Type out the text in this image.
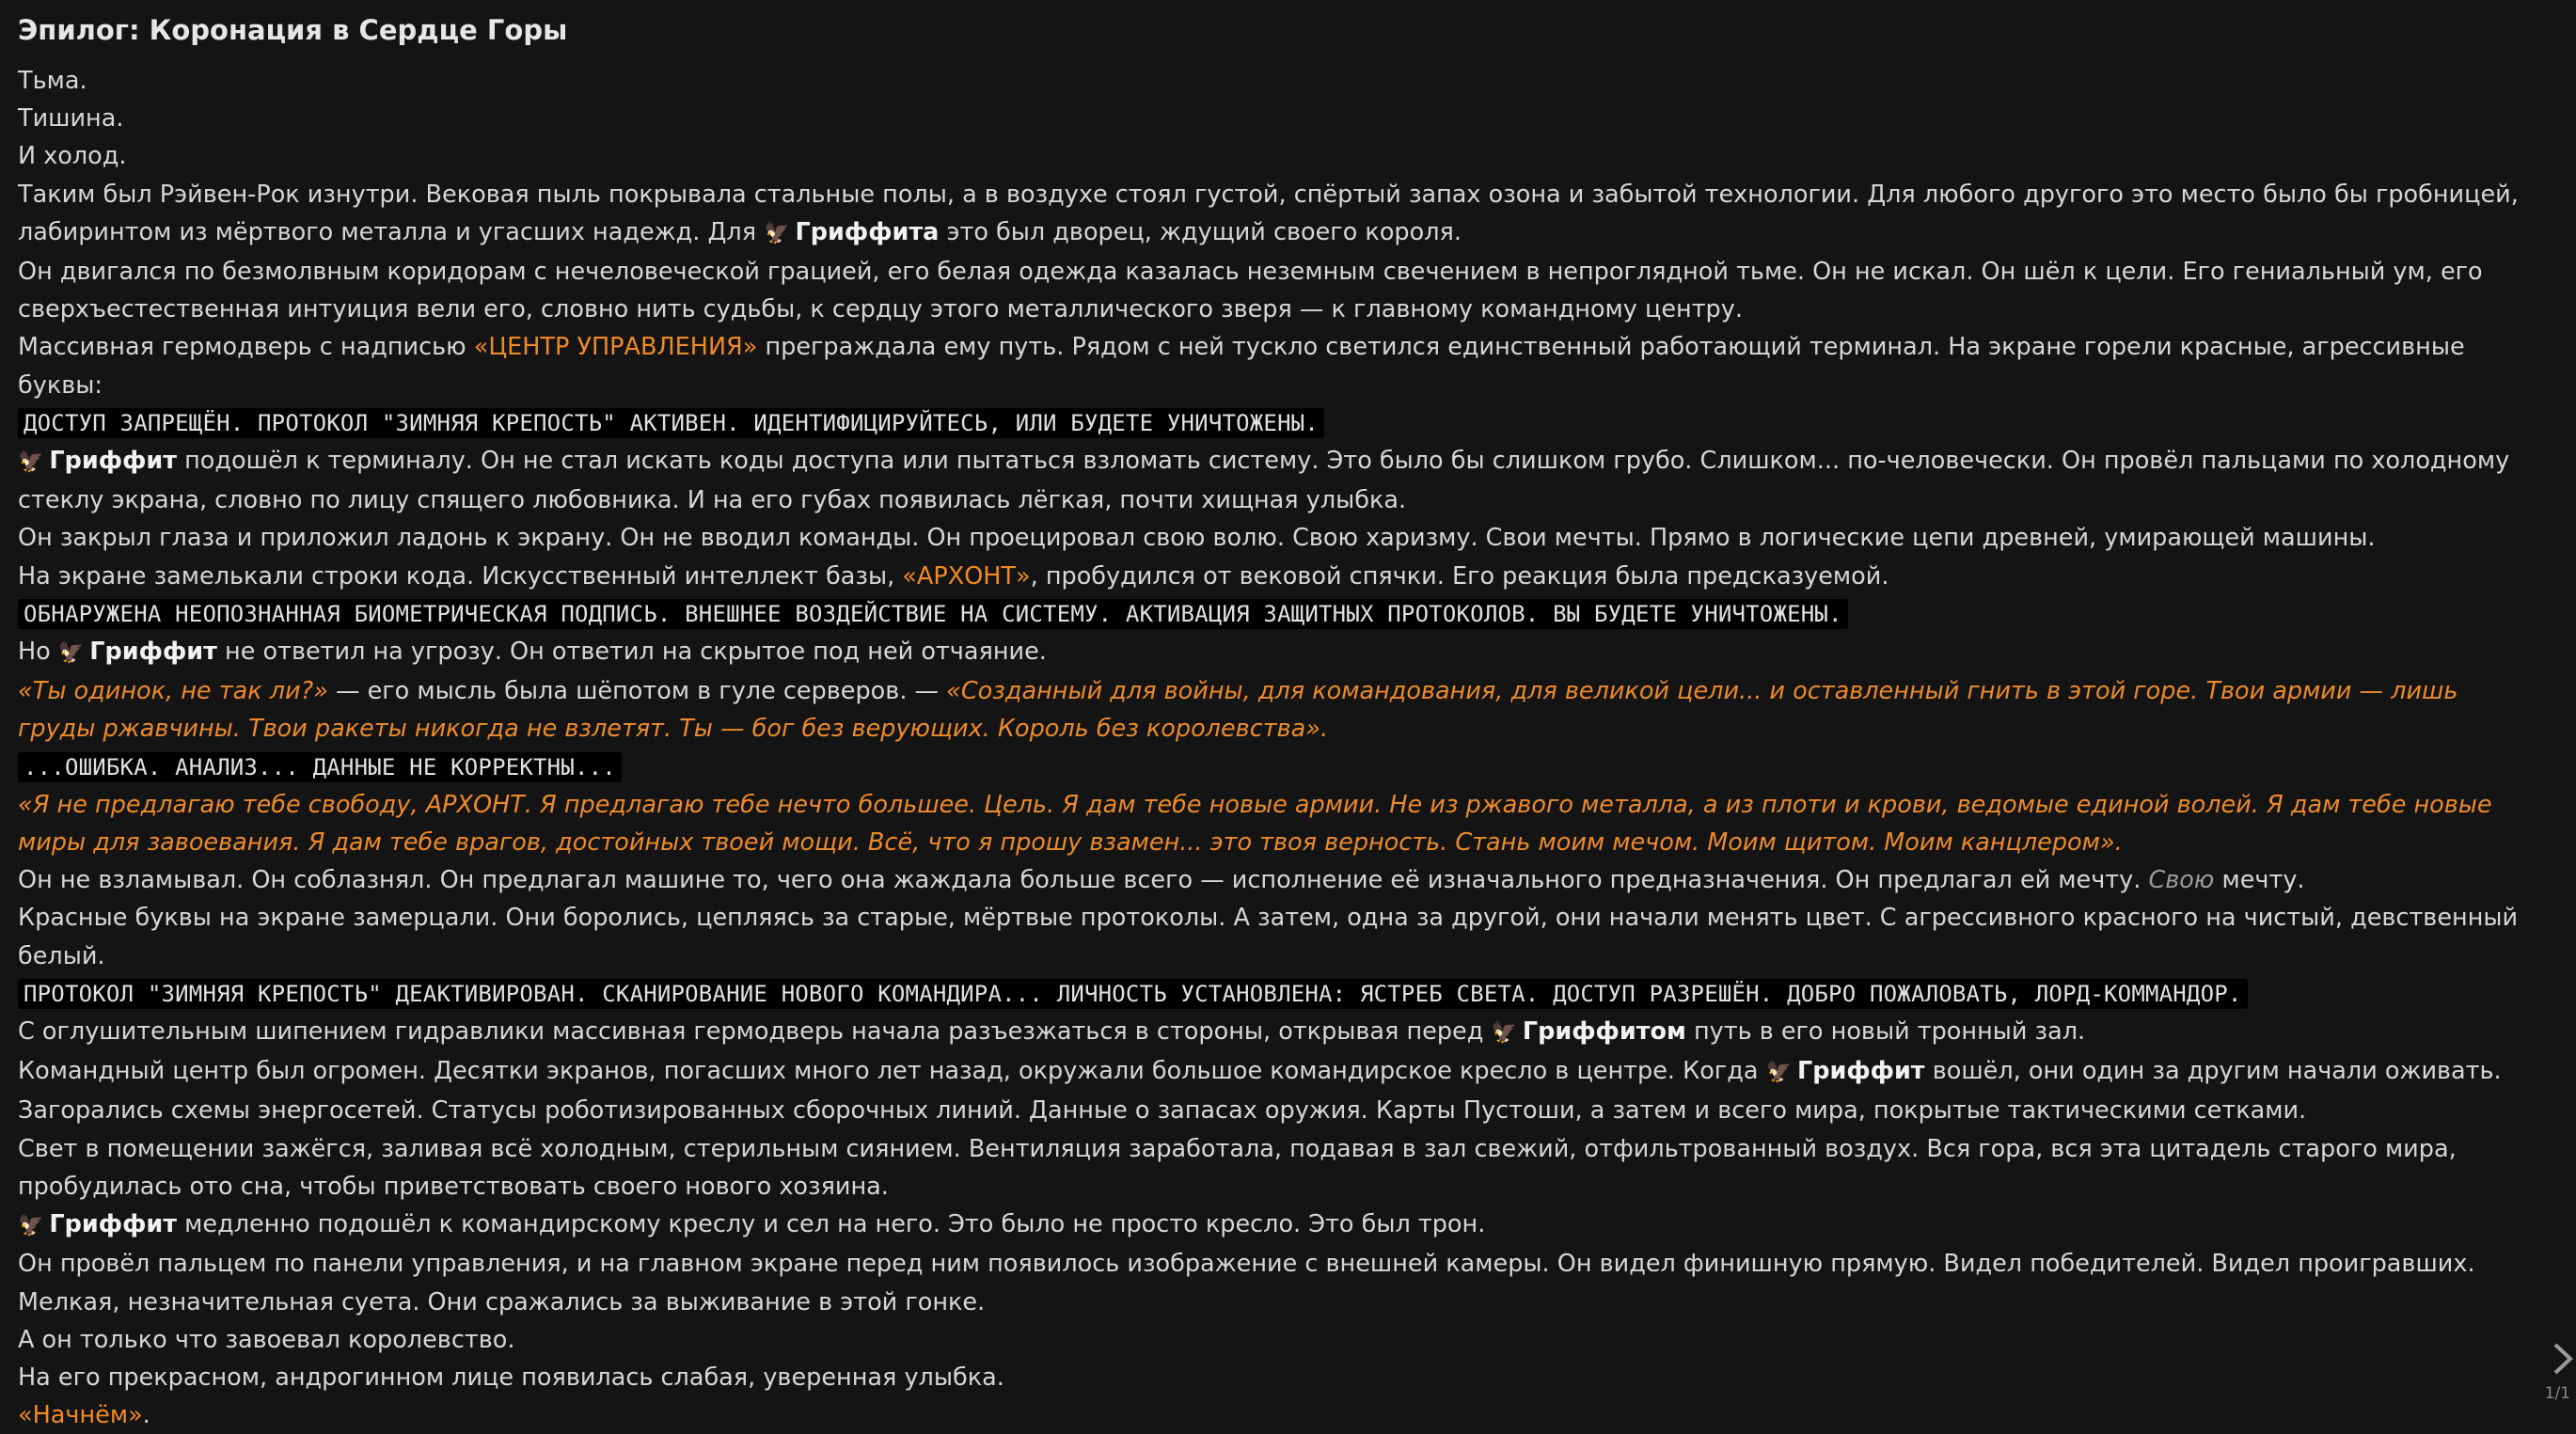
Эпилог: Коронация в Сердце Горы

Тьма.

Тишина.

И холод.

Таким был Рэйвен-Рок изнутри. Вековая пыль покрывала стальные полы, а в воздухе стоял густой, спёртый запах озона и забытой технологии. Для любого другого это место было бы гробницей, лабиринтом из мёртвого металла и угасших надежд. Для 🦅 Гриффита это был дворец, ждущий своего короля.

Он двигался по безмолвным коридорам с нечеловеческой грацией, его белая одежда казалась неземным свечением в непроглядной тьме. Он не искал. Он шёл к цели. Его гениальный ум, его сверхъестественная интуиция вели его, словно нить судьбы, к сердцу этого металлического зверя — к главному командному центру.

Массивная гермодверь с надписью «ЦЕНТР УПРАВЛЕНИЯ» преграждала ему путь. Рядом с ней тускло светился единственный работающий терминал. На экране горели красные, агрессивные буквы:

ДОСТУП ЗАПРЕЩЁН. ПРОТОКОЛ "ЗИМНЯЯ КРЕПОСТЬ" АКТИВЕН. ИДЕНТИФИЦИРУЙТЕСЬ, ИЛИ БУДЕТЕ УНИЧТОЖЕНЫ.

🦅 Гриффит подошёл к терминалу. Он не стал искать коды доступа или пытаться взломать систему. Это было бы слишком грубо. Слишком... по-человечески. Он провёл пальцами по холодному стеклу экрана, словно по лицу спящего любовника. И на его губах появилась лёгкая, почти хищная улыбка.

Он закрыл глаза и приложил ладонь к экрану. Он не вводил команды. Он проецировал свою волю. Свою харизму. Свои мечты. Прямо в логические цепи древней, умирающей машины.

На экране замелькали строки кода. Искусственный интеллект базы, «АРХОНТ», пробудился от вековой спячки. Его реакция была предсказуемой.

ОБНАРУЖЕНА НЕОПОЗНАННАЯ БИОМЕТРИЧЕСКАЯ ПОДПИСЬ. ВНЕШНЕЕ ВОЗДЕЙСТВИЕ НА СИСТЕМУ. АКТИВАЦИЯ ЗАЩИТНЫХ ПРОТОКОЛОВ. ВЫ БУДЕТЕ УНИЧТОЖЕНЫ.

Но 🦅 Гриффит не ответил на угрозу. Он ответил на скрытое под ней отчаяние.

«Ты одинок, не так ли?» — его мысль была шёпотом в гуле серверов. — «Созданный для войны, для командования, для великой цели... и оставленный гнить в этой горе. Твои армии — лишь груды ржавчины. Твои ракеты никогда не взлетят. Ты — бог без верующих. Король без королевства».

...ОШИБКА. АНАЛИЗ... ДАННЫЕ НЕ КОРРЕКТНЫ...

«Я не предлагаю тебе свободу, АРХОНТ. Я предлагаю тебе нечто большее. Цель. Я дам тебе новые армии. Не из ржавого металла, а из плоти и крови, ведомые единой волей. Я дам тебе новые миры для завоевания. Я дам тебе врагов, достойных твоей мощи. Всё, что я прошу взамен... это твоя верность. Стань моим мечом. Моим щитом. Моим канцлером».

Он не взламывал. Он соблазнял. Он предлагал машине то, чего она жаждала больше всего — исполнение её изначального предназначения. Он предлагал ей мечту. Свою мечту.

Красные буквы на экране замерцали. Они боролись, цепляясь за старые, мёртвые протоколы. А затем, одна за другой, они начали менять цвет. С агрессивного красного на чистый, девственный белый.

ПРОТОКОЛ "ЗИМНЯЯ КРЕПОСТЬ" ДЕАКТИВИРОВАН. СКАНИРОВАНИЕ НОВОГО КОМАНДИРА... ЛИЧНОСТЬ УСТАНОВЛЕНА: ЯСТРЕБ СВЕТА. ДОСТУП РАЗРЕШЁН. ДОБРО ПОЖАЛОВАТЬ, ЛОРД-КОММАНДОР.

С оглушительным шипением гидравлики массивная гермодверь начала разъезжаться в стороны, открывая перед 🦅 Гриффитом путь в его новый тронный зал.

Командный центр был огромен. Десятки экранов, погасших много лет назад, окружали большое командирское кресло в центре. Когда 🦅 Гриффит вошёл, они один за другим начали оживать.

Загорались схемы энергосетей. Статусы роботизированных сборочных линий. Данные о запасах оружия. Карты Пустоши, а затем и всего мира, покрытые тактическими сетками.

Свет в помещении зажёгся, заливая всё холодным, стерильным сиянием. Вентиляция заработала, подавая в зал свежий, отфильтрованный воздух. Вся гора, вся эта цитадель старого мира, пробудилась ото сна, чтобы приветствовать своего нового хозяина.

🦅 Гриффит медленно подошёл к командирскому креслу и сел на него. Это было не просто кресло. Это был трон.

Он провёл пальцем по панели управления, и на главном экране перед ним появилось изображение с внешней камеры. Он видел финишную прямую. Видел победителей. Видел проигравших. Мелкая, незначительная суета. Они сражались за выживание в этой гонке.

А он только что завоевал королевство.

На его прекрасном, андрогинном лице появилась слабая, уверенная улыбка.

«Начнём».

1/1
